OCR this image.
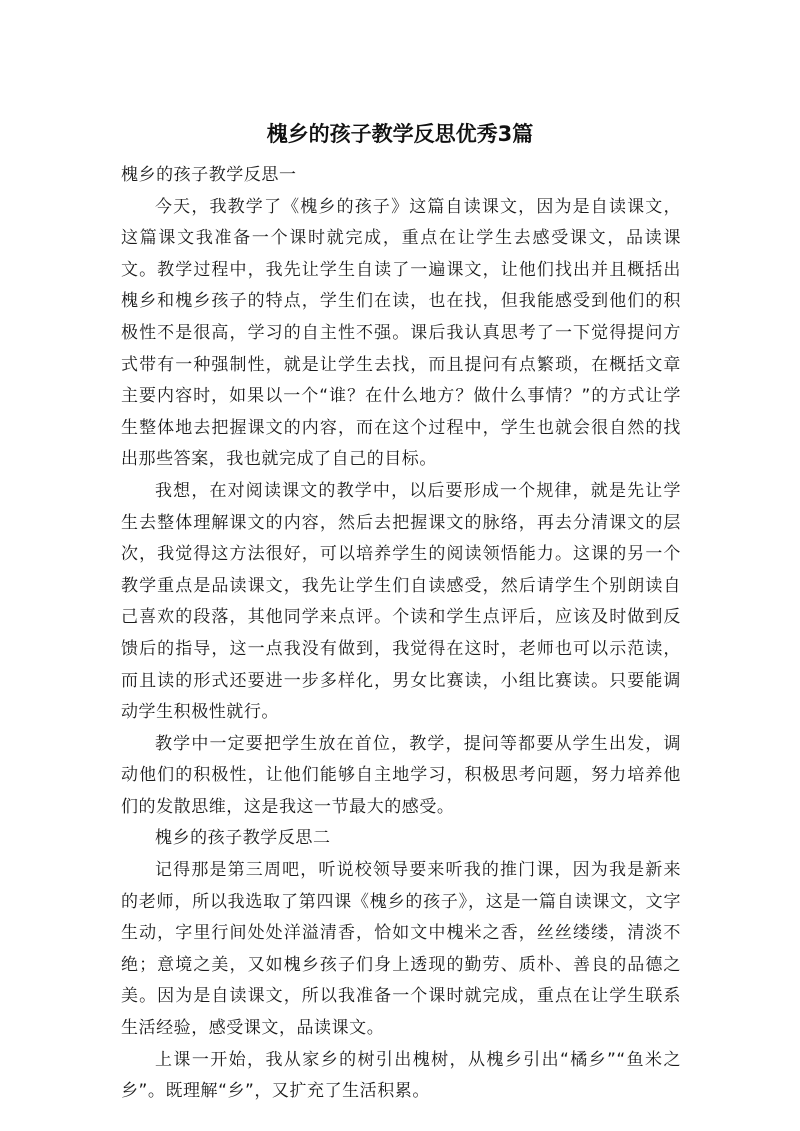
槐乡的孩子教学反思优秀3篇

槐乡的孩子教学反思一

今天，我教学了《槐乡的孩子》这篇自读课文，因为是自读课文，这篇课文我准备一个课时就完成，重点在让学生去感受课文，品读课文。教学过程中，我先让学生自读了一遍课文，让他们找出并且概括出槐乡和槐乡孩子的特点，学生们在读，也在找，但我能感受到他们的积极性不是很高，学习的自主性不强。课后我认真思考了一下觉得提问方式带有一种强制性，就是让学生去找，而且提问有点繁琐，在概括文章主要内容时，如果以一个“谁？在什么地方？做什么事情？”的方式让学生整体地去把握课文的内容，而在这个过程中，学生也就会很自然的找出那些答案，我也就完成了自己的目标。

我想，在对阅读课文的教学中，以后要形成一个规律，就是先让学生去整体理解课文的内容，然后去把握课文的脉络，再去分清课文的层次，我觉得这方法很好，可以培养学生的阅读领悟能力。这课的另一个教学重点是品读课文，我先让学生们自读感受，然后请学生个别朗读自己喜欢的段落，其他同学来点评。个读和学生点评后，应该及时做到反馈后的指导，这一点我没有做到，我觉得在这时，老师也可以示范读，而且读的形式还要进一步多样化，男女比赛读，小组比赛读。只要能调动学生积极性就行。

教学中一定要把学生放在首位，教学，提问等都要从学生出发，调动他们的积极性，让他们能够自主地学习，积极思考问题，努力培养他们的发散思维，这是我这一节最大的感受。

槐乡的孩子教学反思二

记得那是第三周吧，听说校领导要来听我的推门课，因为我是新来的老师，所以我选取了第四课《槐乡的孩子》，这是一篇自读课文，文字生动，字里行间处处洋溢清香，恰如文中槐米之香，丝丝缕缕，清淡不绝；意境之美，又如槐乡孩子们身上透现的勤劳、质朴、善良的品德之美。因为是自读课文，所以我准备一个课时就完成，重点在让学生联系生活经验，感受课文，品读课文。

上课一开始，我从家乡的树引出槐树，从槐乡引出“橘乡”“鱼米之乡”。既理解“乡”，又扩充了生活积累。
